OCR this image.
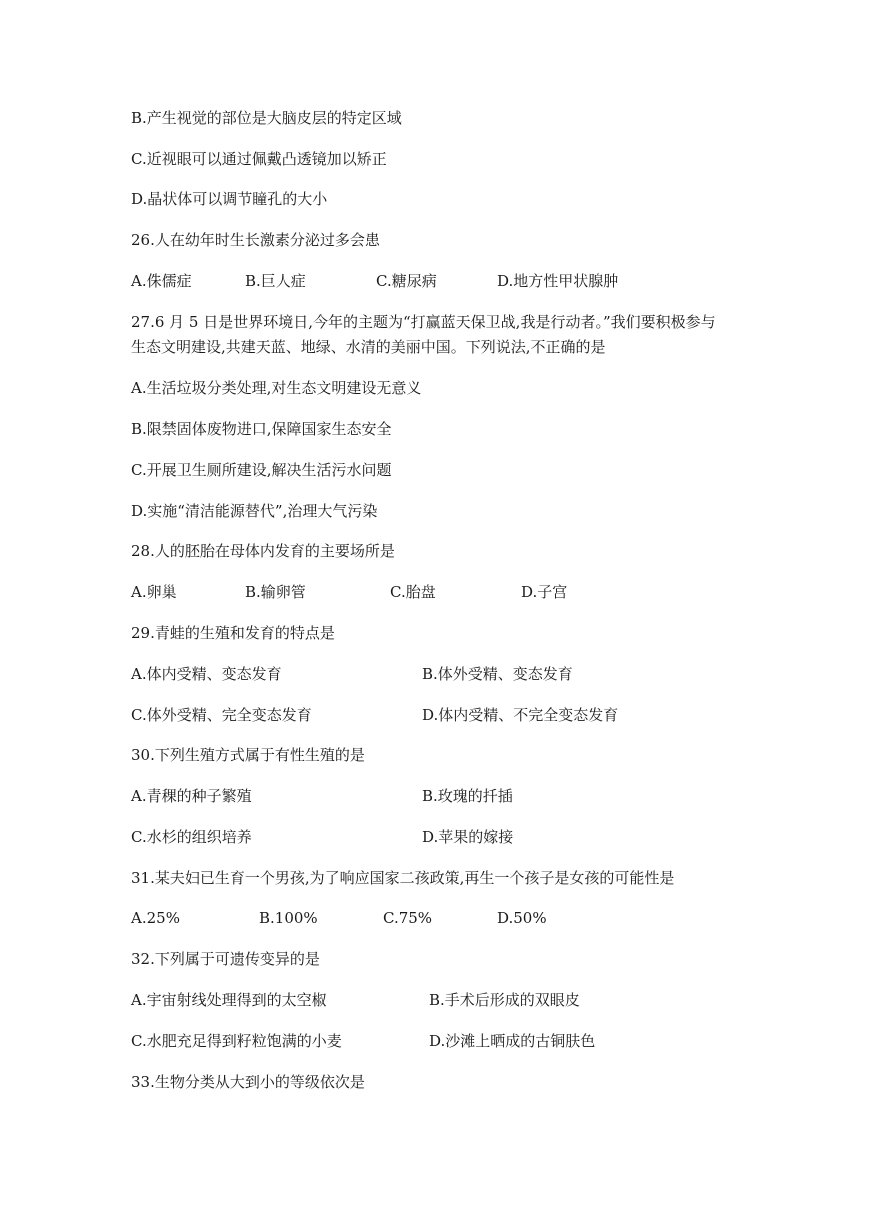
B.产生视觉的部位是大脑皮层的特定区域
C.近视眼可以通过佩戴凸透镜加以矫正
D.晶状体可以调节瞳孔的大小
26.人在幼年时生长激素分泌过多会患
A.侏儒症	B.巨人症	C.糖尿病	D.地方性甲状腺肿
27.6 月 5 日是世界环境日,今年的主题为“打赢蓝天保卫战,我是行动者。”我们要积极参与
生态文明建设,共建天蓝、地绿、水清的美丽中国。下列说法,不正确的是
A.生活垃圾分类处理,对生态文明建设无意义
B.限禁固体废物进口,保障国家生态安全
C.开展卫生厕所建设,解决生活污水问题
D.实施“清洁能源替代”,治理大气污染
28.人的胚胎在母体内发育的主要场所是
A.卵巢	B.输卵管	C.胎盘	D.子宫
29.青蛙的生殖和发育的特点是
A.体内受精、变态发育	B.体外受精、变态发育
C.体外受精、完全变态发育	D.体内受精、不完全变态发育
30.下列生殖方式属于有性生殖的是
A.青稞的种子繁殖	B.玫瑰的扦插
C.水杉的组织培养	D.苹果的嫁接
31.某夫妇已生育一个男孩,为了响应国家二孩政策,再生一个孩子是女孩的可能性是
A.25%	B.100%	C.75%	D.50%
32.下列属于可遗传变异的是
A.宇宙射线处理得到的太空椒	B.手术后形成的双眼皮
C.水肥充足得到籽粒饱满的小麦	D.沙滩上晒成的古铜肤色
33.生物分类从大到小的等级依次是
